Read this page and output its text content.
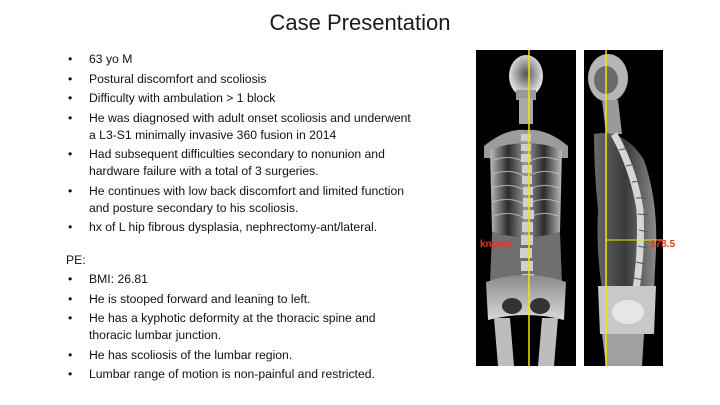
Case Presentation
• 63 yo M
• Postural discomfort and scoliosis
• Difficulty with ambulation > 1 block
• He was diagnosed with adult onset scoliosis and underwent a L3-S1 minimally invasive 360 fusion in 2014
• Had subsequent difficulties secondary to nonunion and hardware failure with a total of 3 surgeries.
• He continues with low back discomfort and limited function and posture secondary to his scoliosis.
• hx of L hip fibrous dysplasia, nephrectomy-ant/lateral.
PE:
• BMI: 26.81
• He is stooped forward and leaning to left.
• He has a kyphotic deformity at the thoracic spine and thoracic lumbar junction.
• He has scoliosis of the lumbar region.
• Lumbar range of motion is non-painful and restricted.
known	178.5
